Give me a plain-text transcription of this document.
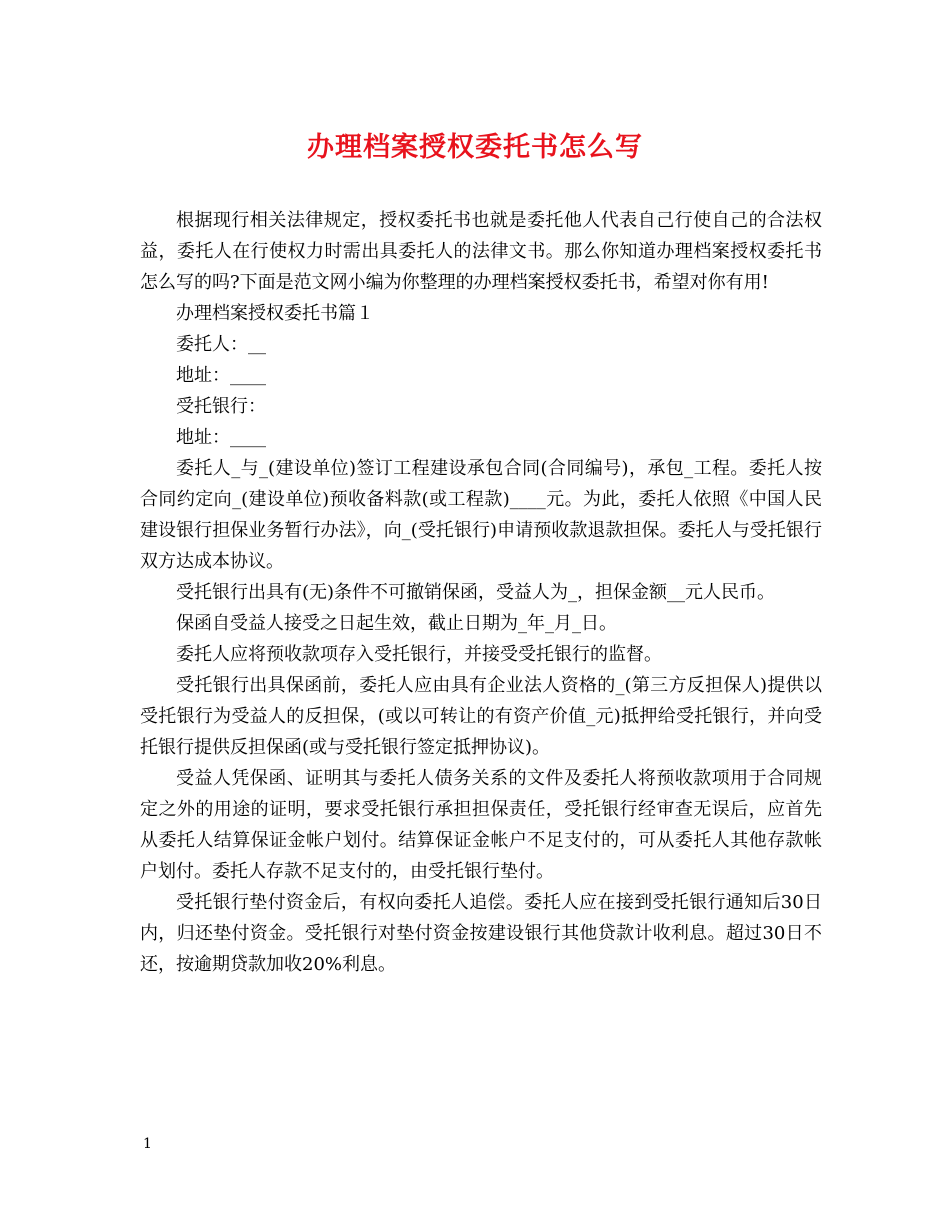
办理档案授权委托书怎么写

根据现行相关法律规定，授权委托书也就是委托他人代表自己行使自己的合法权益，委托人在行使权力时需出具委托人的法律文书。那么你知道办理档案授权委托书怎么写的吗?下面是范文网小编为你整理的办理档案授权委托书，希望对你有用!

办理档案授权委托书篇１

委托人：__

地址：____

受托银行：

地址：____

委托人_与_(建设单位)签订工程建设承包合同(合同编号)，承包_工程。委托人按合同约定向_(建设单位)预收备料款(或工程款)____元。为此，委托人依照《中国人民建设银行担保业务暂行办法》，向_(受托银行)申请预收款退款担保。委托人与受托银行双方达成本协议。

受托银行出具有(无)条件不可撤销保函，受益人为_，担保金额__元人民币。

保函自受益人接受之日起生效，截止日期为_年_月_日。

委托人应将预收款项存入受托银行，并接受受托银行的监督。

受托银行出具保函前，委托人应由具有企业法人资格的_(第三方反担保人)提供以受托银行为受益人的反担保，(或以可转让的有资产价值_元)抵押给受托银行，并向受托银行提供反担保函(或与受托银行签定抵押协议)。

受益人凭保函、证明其与委托人债务关系的文件及委托人将预收款项用于合同规定之外的用途的证明，要求受托银行承担担保责任，受托银行经审查无误后，应首先从委托人结算保证金帐户划付。结算保证金帐户不足支付的，可从委托人其他存款帐户划付。委托人存款不足支付的，由受托银行垫付。

受托银行垫付资金后，有权向委托人追偿。委托人应在接到受托银行通知后30日内，归还垫付资金。受托银行对垫付资金按建设银行其他贷款计收利息。超过30日不还，按逾期贷款加收20%利息。

1
